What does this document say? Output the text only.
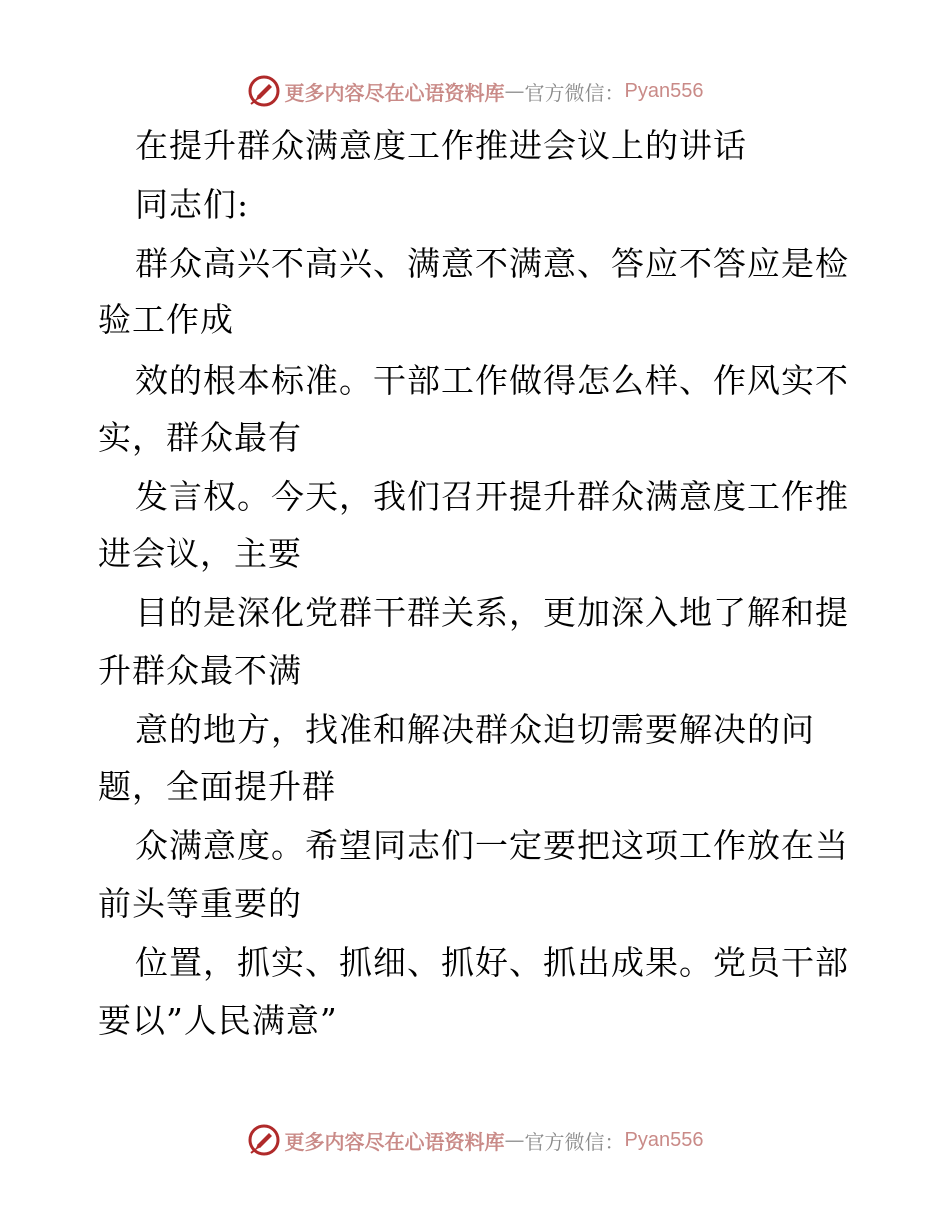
更多内容尽在心语资料库 — 官方微信： Pyan556
在提升群众满意度工作推进会议上的讲话
同志们:
群众高兴不高兴、满意不满意、答应不答应是检
验工作成
效的根本标准。干部工作做得怎么样、作风实不
实，群众最有
发言权。今天，我们召开提升群众满意度工作推
进会议，主要
目的是深化党群干群关系，更加深入地了解和提
升群众最不满
意的地方，找准和解决群众迫切需要解决的问
题，全面提升群
众满意度。希望同志们一定要把这项工作放在当
前头等重要的
位置，抓实、抓细、抓好、抓出成果。党员干部
要以”人民满意”
更多内容尽在心语资料库 — 官方微信： Pyan556
